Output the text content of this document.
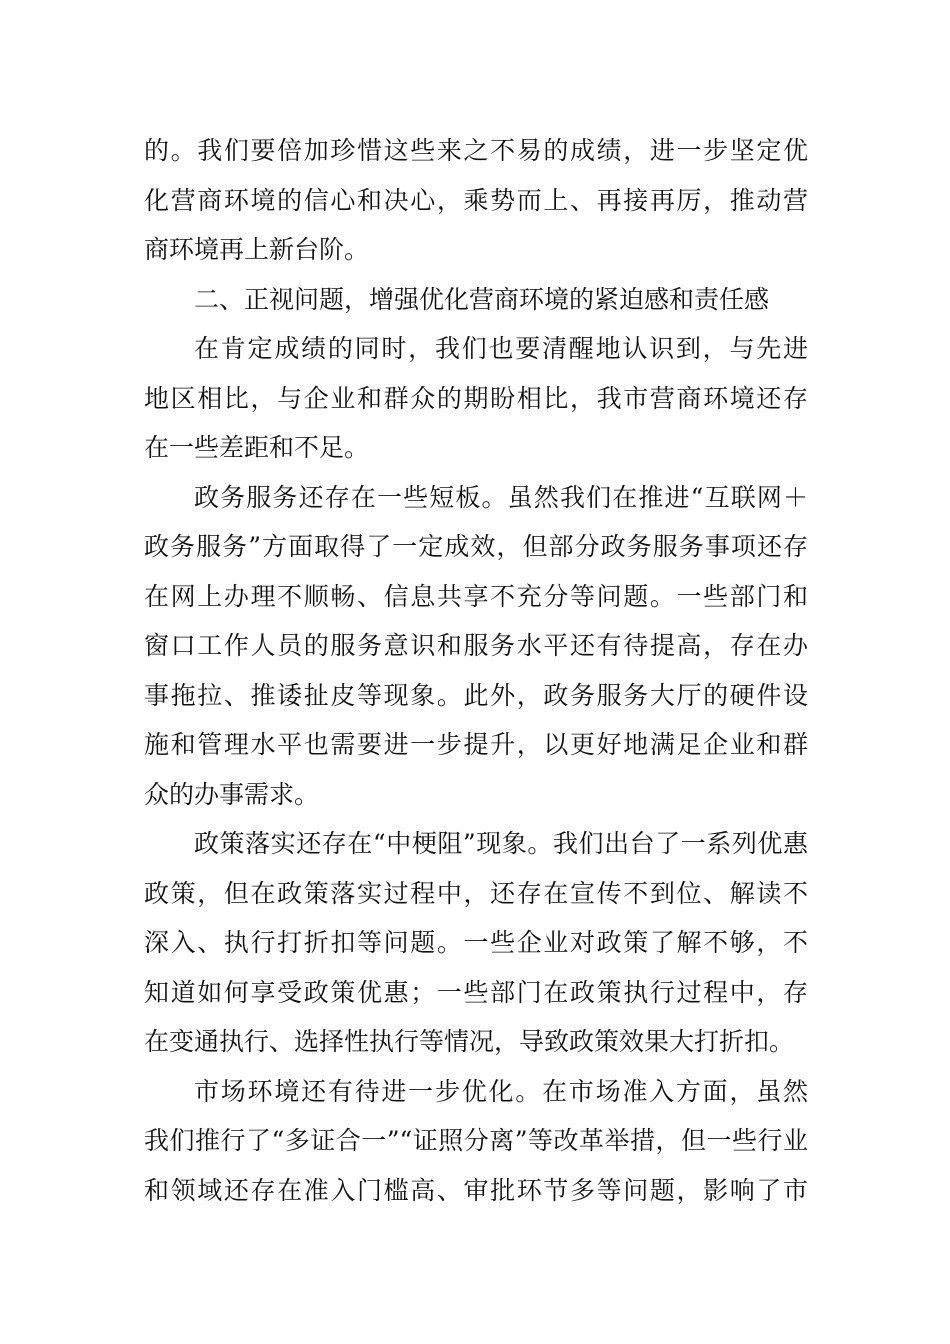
的。我们要倍加珍惜这些来之不易的成绩，进一步坚定优
化营商环境的信心和决心，乘势而上、再接再厉，推动营
商环境再上新台阶。
二、正视问题，增强优化营商环境的紧迫感和责任感
在肯定成绩的同时，我们也要清醒地认识到，与先进
地区相比，与企业和群众的期盼相比，我市营商环境还存
在一些差距和不足。
政务服务还存在一些短板。虽然我们在推进“互联网＋
政务服务”方面取得了一定成效，但部分政务服务事项还存
在网上办理不顺畅、信息共享不充分等问题。一些部门和
窗口工作人员的服务意识和服务水平还有待提高，存在办
事拖拉、推诿扯皮等现象。此外，政务服务大厅的硬件设
施和管理水平也需要进一步提升，以更好地满足企业和群
众的办事需求。
政策落实还存在“中梗阻”现象。我们出台了一系列优惠
政策，但在政策落实过程中，还存在宣传不到位、解读不
深入、执行打折扣等问题。一些企业对政策了解不够，不
知道如何享受政策优惠；一些部门在政策执行过程中，存
在变通执行、选择性执行等情况，导致政策效果大打折扣。
市场环境还有待进一步优化。在市场准入方面，虽然
我们推行了“多证合一”“证照分离”等改革举措，但一些行业
和领域还存在准入门槛高、审批环节多等问题，影响了市
